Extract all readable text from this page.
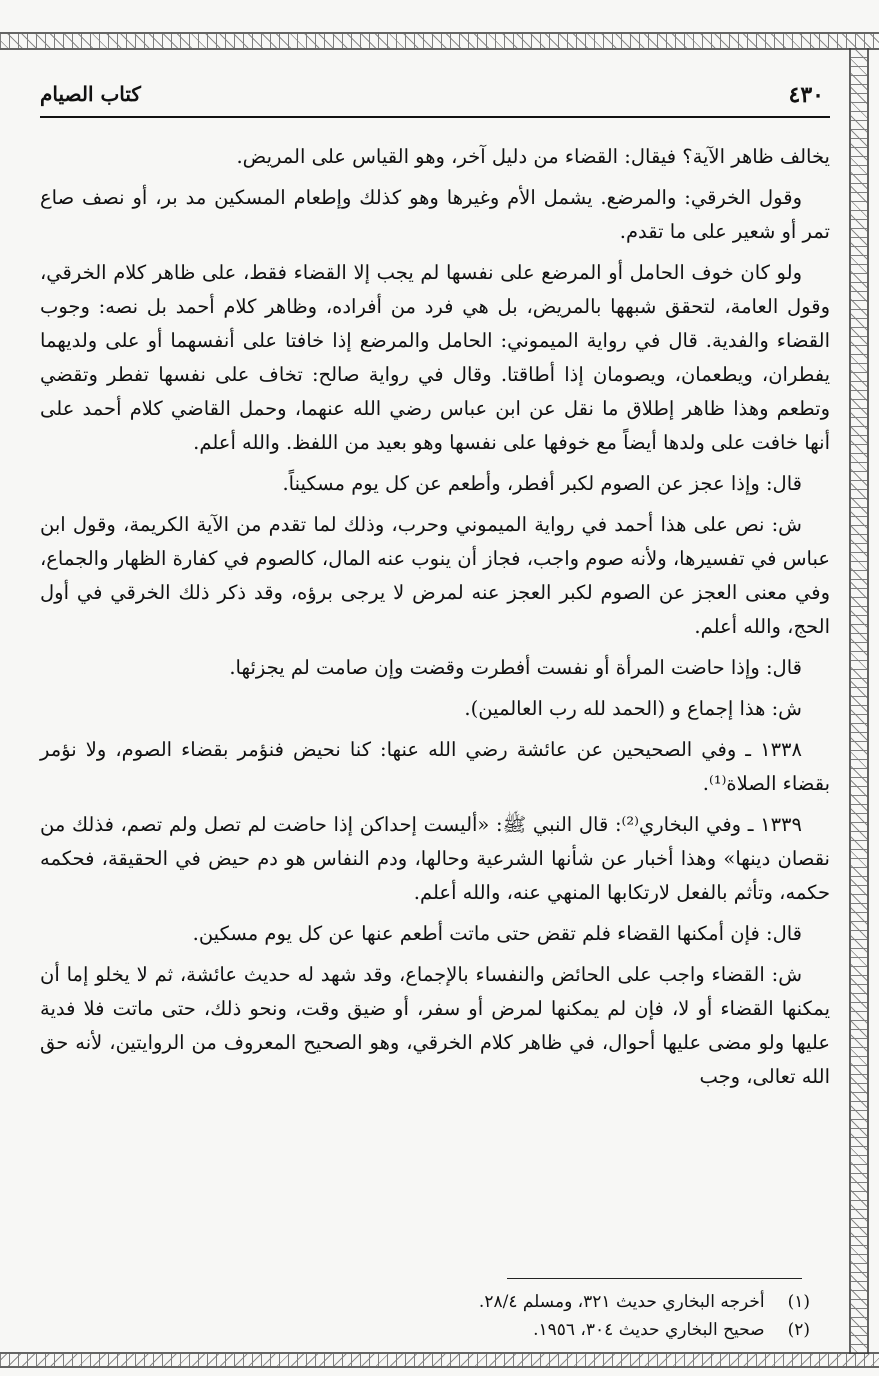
كتاب الصيام	٤٣٠

يخالف ظاهر الآية؟ فيقال: القضاء من دليل آخر، وهو القياس على المريض.

وقول الخرقي: والمرضع. يشمل الأم وغيرها وهو كذلك وإطعام المسكين مد بر، أو نصف صاع تمر أو شعير على ما تقدم.

ولو كان خوف الحامل أو المرضع على نفسها لم يجب إلا القضاء فقط، على ظاهر كلام الخرقي، وقول العامة، لتحقق شبهها بالمريض، بل هي فرد من أفراده، وظاهر كلام أحمد بل نصه: وجوب القضاء والفدية. قال في رواية الميموني: الحامل والمرضع إذا خافتا على أنفسهما أو على ولديهما يفطران، ويطعمان، ويصومان إذا أطاقتا. وقال في رواية صالح: تخاف على نفسها تفطر وتقضي وتطعم وهذا ظاهر إطلاق ما نقل عن ابن عباس رضي الله عنهما، وحمل القاضي كلام أحمد على أنها خافت على ولدها أيضاً مع خوفها على نفسها وهو بعيد من اللفظ. والله أعلم.

قال: وإذا عجز عن الصوم لكبر أفطر، وأطعم عن كل يوم مسكيناً.

ش: نص على هذا أحمد في رواية الميموني وحرب، وذلك لما تقدم من الآية الكريمة، وقول ابن عباس في تفسيرها، ولأنه صوم واجب، فجاز أن ينوب عنه المال، كالصوم في كفارة الظهار والجماع، وفي معنى العجز عن الصوم لكبر العجز عنه لمرض لا يرجى برؤه، وقد ذكر ذلك الخرقي في أول الحج، والله أعلم.

قال: وإذا حاضت المرأة أو نفست أفطرت وقضت وإن صامت لم يجزئها.

ش: هذا إجماع و (الحمد لله رب العالمين).

١٣٣٨ ـ وفي الصحيحين عن عائشة رضي الله عنها: كنا نحيض فنؤمر بقضاء الصوم، ولا نؤمر بقضاء الصلاة⁽¹⁾.

١٣٣٩ ـ وفي البخاري⁽²⁾: قال النبي ﷺ: «أليست إحداكن إذا حاضت لم تصل ولم تصم، فذلك من نقصان دينها» وهذا أخبار عن شأنها الشرعية وحالها، ودم النفاس هو دم حيض في الحقيقة، فحكمه حكمه، وتأثم بالفعل لارتكابها المنهي عنه، والله أعلم.

قال: فإن أمكنها القضاء فلم تقض حتى ماتت أطعم عنها عن كل يوم مسكين.

ش: القضاء واجب على الحائض والنفساء بالإجماع، وقد شهد له حديث عائشة، ثم لا يخلو إما أن يمكنها القضاء أو لا، فإن لم يمكنها لمرض أو سفر، أو ضيق وقت، ونحو ذلك، حتى ماتت فلا فدية عليها ولو مضى عليها أحوال، في ظاهر كلام الخرقي، وهو الصحيح المعروف من الروايتين، لأنه حق الله تعالى، وجب

(١) أخرجه البخاري حديث ٣٢١، ومسلم ٢٨/٤.
(٢) صحيح البخاري حديث ٣٠٤، ١٩٥٦.
